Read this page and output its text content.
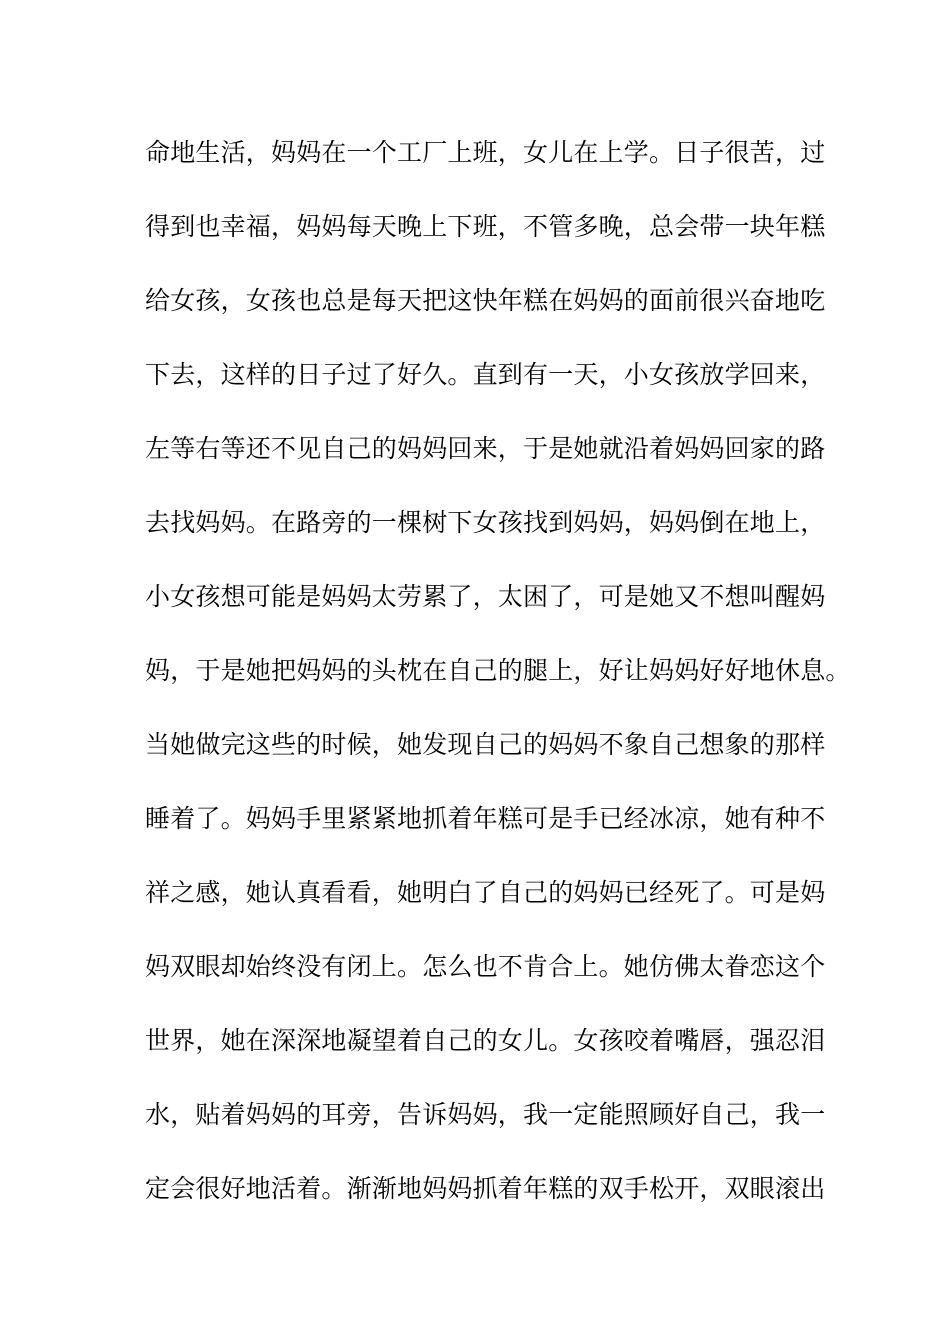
命地生活，妈妈在一个工厂上班，女儿在上学。日子很苦，过
得到也幸福，妈妈每天晚上下班，不管多晚，总会带一块年糕
给女孩，女孩也总是每天把这快年糕在妈妈的面前很兴奋地吃
下去，这样的日子过了好久。直到有一天，小女孩放学回来，
左等右等还不见自己的妈妈回来，于是她就沿着妈妈回家的路
去找妈妈。在路旁的一棵树下女孩找到妈妈，妈妈倒在地上，
小女孩想可能是妈妈太劳累了，太困了，可是她又不想叫醒妈
妈，于是她把妈妈的头枕在自己的腿上，好让妈妈好好地休息。
当她做完这些的时候，她发现自己的妈妈不象自己想象的那样
睡着了。妈妈手里紧紧地抓着年糕可是手已经冰凉，她有种不
祥之感，她认真看看，她明白了自己的妈妈已经死了。可是妈
妈双眼却始终没有闭上。怎么也不肯合上。她仿佛太眷恋这个
世界，她在深深地凝望着自己的女儿。女孩咬着嘴唇，强忍泪
水，贴着妈妈的耳旁，告诉妈妈，我一定能照顾好自己，我一
定会很好地活着。渐渐地妈妈抓着年糕的双手松开，双眼滚出
